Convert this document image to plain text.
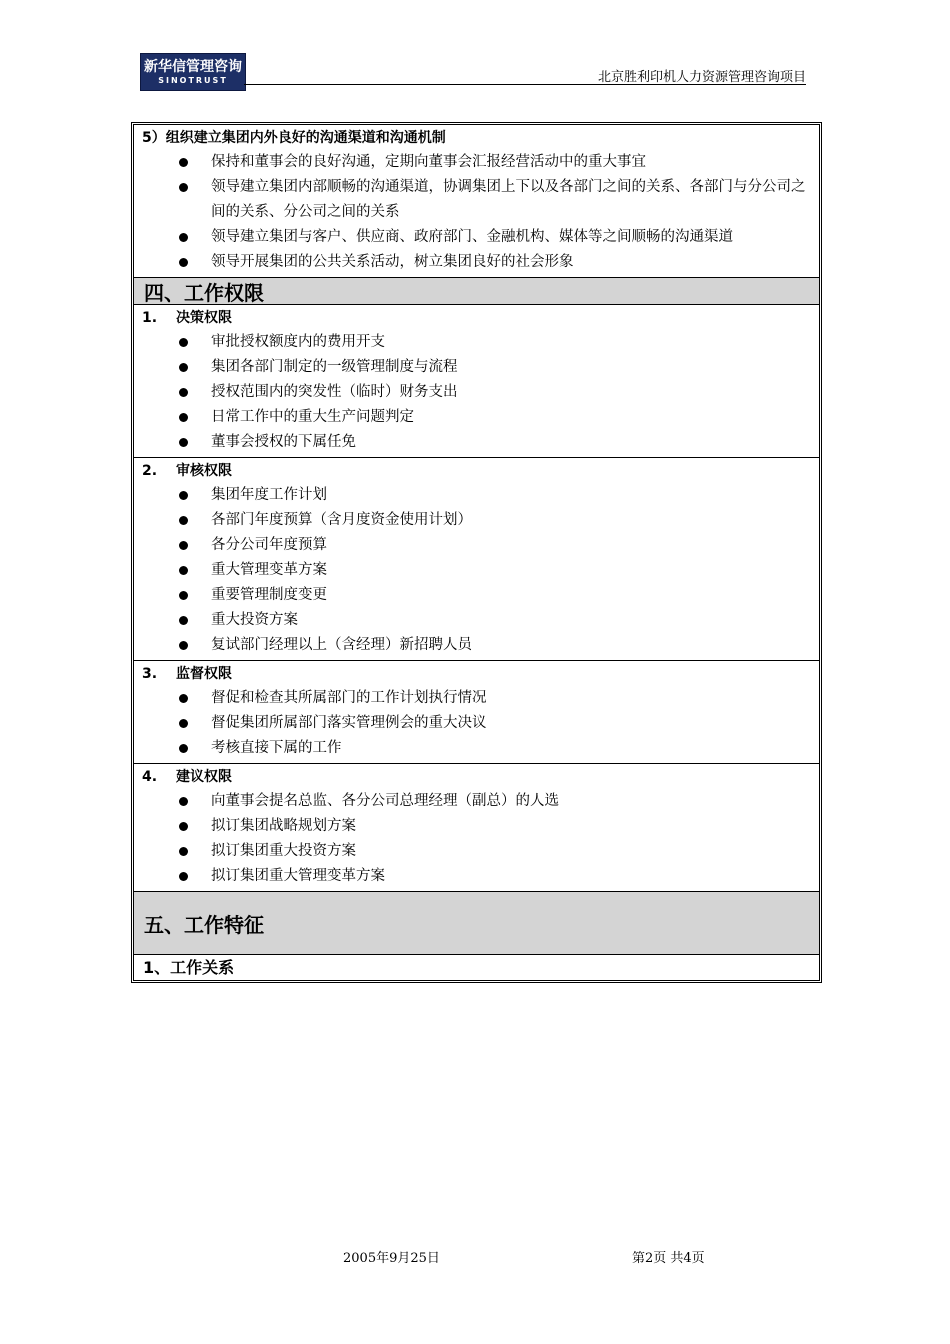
新华信管理咨询
SINOTRUST	北京胜利印机人力资源管理咨询项目
5）组织建立集团内外良好的沟通渠道和沟通机制
保持和董事会的良好沟通，定期向董事会汇报经营活动中的重大事宜
领导建立集团内部顺畅的沟通渠道，协调集团上下以及各部门之间的关系、各部门与分公司之间的关系、分公司之间的关系
领导建立集团与客户、供应商、政府部门、金融机构、媒体等之间顺畅的沟通渠道
领导开展集团的公共关系活动，树立集团良好的社会形象
四、工作权限
1.	决策权限
审批授权额度内的费用开支
集团各部门制定的一级管理制度与流程
授权范围内的突发性（临时）财务支出
日常工作中的重大生产问题判定
董事会授权的下属任免
2.	审核权限
集团年度工作计划
各部门年度预算（含月度资金使用计划）
各分公司年度预算
重大管理变革方案
重要管理制度变更
重大投资方案
复试部门经理以上（含经理）新招聘人员
3.	监督权限
督促和检查其所属部门的工作计划执行情况
督促集团所属部门落实管理例会的重大决议
考核直接下属的工作
4.	建议权限
向董事会提名总监、各分公司总理经理（副总）的人选
拟订集团战略规划方案
拟订集团重大投资方案
拟订集团重大管理变革方案
五、工作特征
1、工作关系
2005年9月25日	第2页 共4页
